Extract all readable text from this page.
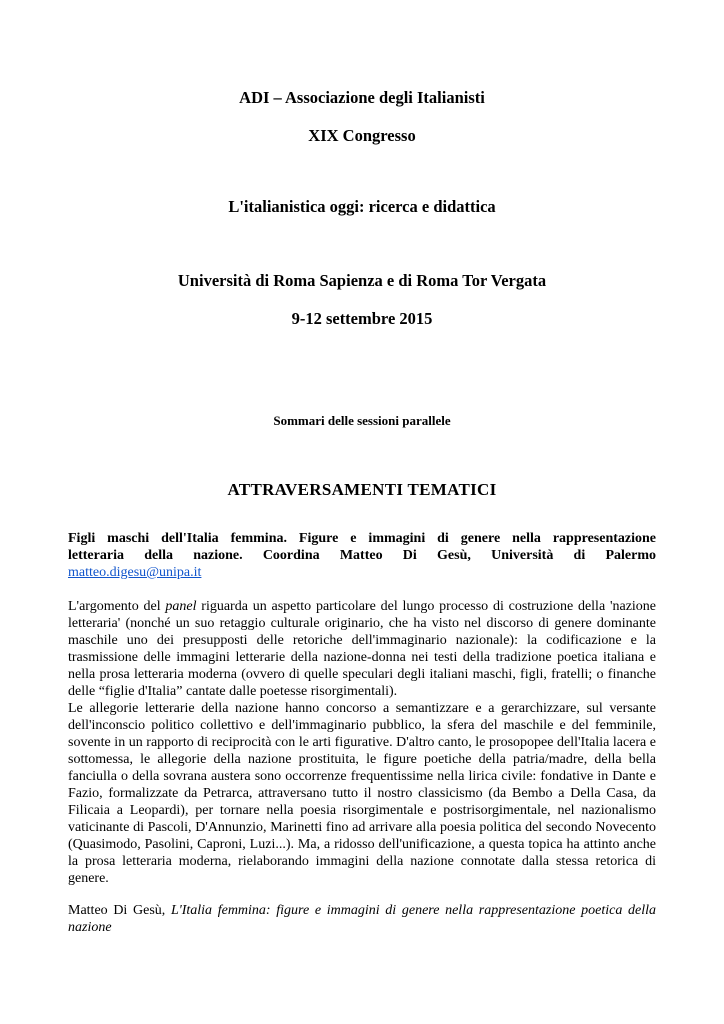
ADI – Associazione degli Italianisti

XIX Congresso

L'italianistica oggi: ricerca e didattica

Università di Roma Sapienza e di Roma Tor Vergata

9-12 settembre 2015

Sommari delle sessioni parallele

ATTRAVERSAMENTI TEMATICI

Figli maschi dell'Italia femmina. Figure e immagini di genere nella rappresentazione

letteraria della nazione. Coordina Matteo Di Gesù, Università di Palermo

matteo.digesu@unipa.it

L'argomento del panel riguarda un aspetto particolare del lungo processo di costruzione della 'nazione letteraria' (nonché un suo retaggio culturale originario, che ha visto nel discorso di genere dominante maschile uno dei presupposti delle retoriche dell'immaginario nazionale): la codificazione e la trasmissione delle immagini letterarie della nazione-donna nei testi della tradizione poetica italiana e nella prosa letteraria moderna (ovvero di quelle speculari degli italiani maschi, figli, fratelli; o finanche delle “figlie d'Italia” cantate dalle poetesse risorgimentali).

Le allegorie letterarie della nazione hanno concorso a semantizzare e a gerarchizzare, sul versante dell'inconscio politico collettivo e dell'immaginario pubblico, la sfera del maschile e del femminile, sovente in un rapporto di reciprocità con le arti figurative. D'altro canto, le prosopopee dell'Italia lacera e sottomessa, le allegorie della nazione prostituita, le figure poetiche della patria/madre, della bella fanciulla o della sovrana austera sono occorrenze frequentissime nella lirica civile: fondative in Dante e Fazio, formalizzate da Petrarca, attraversano tutto il nostro classicismo (da Bembo a Della Casa, da Filicaia a Leopardi), per tornare nella poesia risorgimentale e postrisorgimentale, nel nazionalismo vaticinante di Pascoli, D'Annunzio, Marinetti fino ad arrivare alla poesia politica del secondo Novecento (Quasimodo, Pasolini, Caproni, Luzi...). Ma, a ridosso dell'unificazione, a questa topica ha attinto anche la prosa letteraria moderna, rielaborando immagini della nazione connotate dalla stessa retorica di genere.

Matteo Di Gesù, L'Italia femmina: figure e immagini di genere nella rappresentazione poetica della nazione
